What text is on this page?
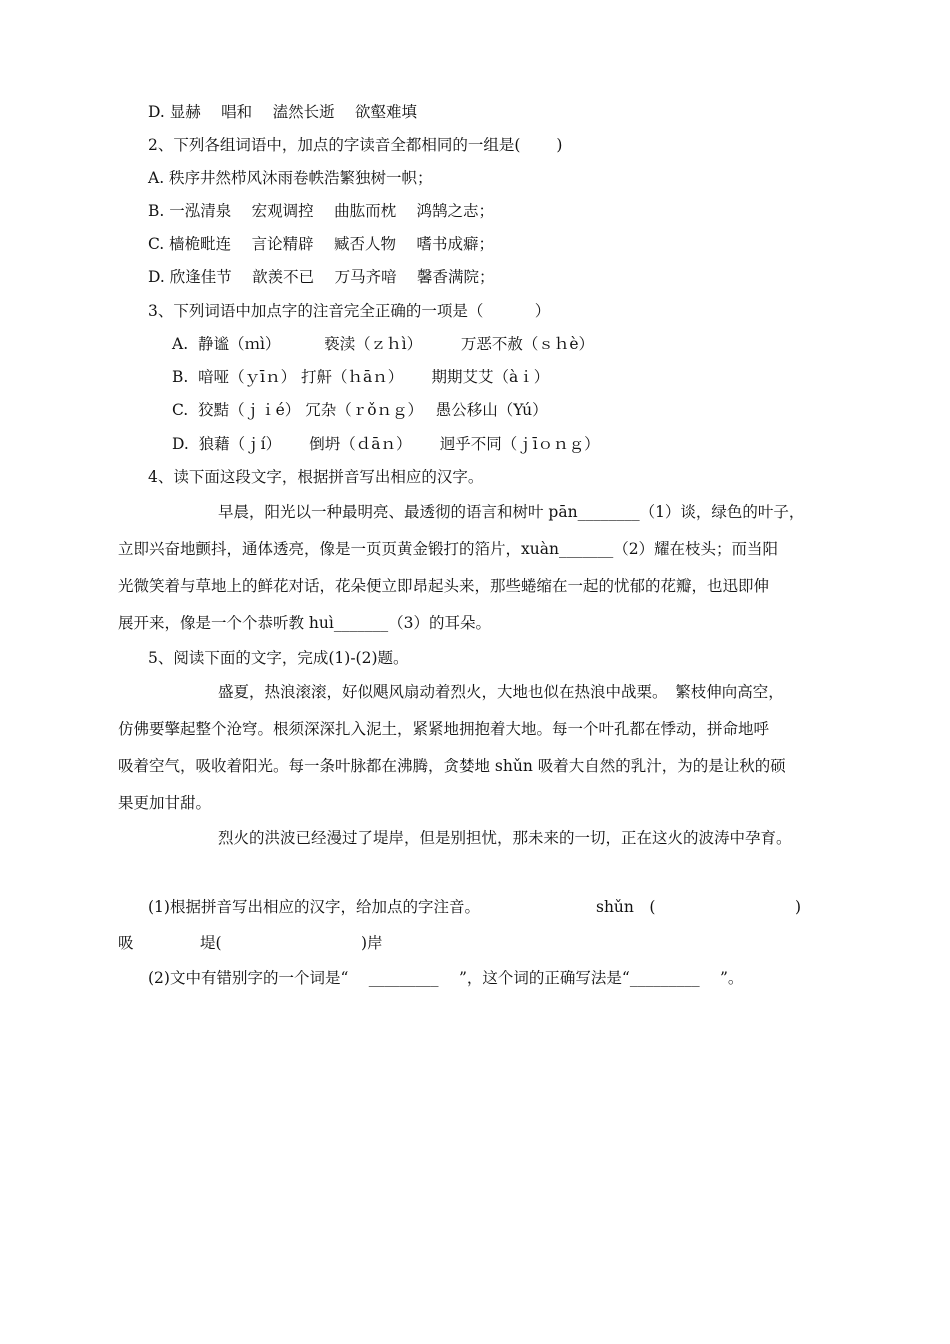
D. 显赫　 唱和　 溘然长逝　 欲壑难填
2、下列各组词语中，加点的字读音全都相同的一组是(　　 )
A. 秩序井然栉风沐雨卷帙浩繁独树一帜；
B. 一泓清泉　 宏观调控　 曲肱而枕　 鸿鹄之志；
C. 樯桅毗连　 言论精辟　 臧否人物　 嗜书成癖；
D. 欣逢佳节　 歆羡不已　 万马齐喑　 馨香满院；
3、下列词语中加点字的注音完全正确的一项是（　　　 ）
A.  静谧（ｍì）　　　 亵渎（ｚｈì）　　　万恶不赦（ｓｈè）
B.  喑哑（ｙīｎ） 打鼾（ｈāｎ）　　 期期艾艾（àｉ）
C.  狡黠（ｊｉé） 冗杂（ｒǒｎｇ）　 愚公移山（Yú）
D.  狼藉（ｊí）　　 倒坍（ｄāｎ）　　 迥乎不同（ｊīｏｎｇ）
4、读下面这段文字，根据拼音写出相应的汉字。
早晨，阳光以一种最明亮、最透彻的语言和树叶 pān________（1）谈，绿色的叶子，
立即兴奋地颤抖，通体透亮，像是一页页黄金锻打的箔片，xuàn_______（2）耀在枝头；而当阳
光微笑着与草地上的鲜花对话，花朵便立即昂起头来，那些蜷缩在一起的忧郁的花瓣，也迅即伸
展开来，像是一个个恭听教 huì_______（3）的耳朵。
5、阅读下面的文字，完成(1)-(2)题。
盛夏，热浪滚滚，好似飓风扇动着烈火，大地也似在热浪中战栗。　繁枝伸向高空，
仿佛要擎起整个沧穹。根须深深扎入泥土，紧紧地拥抱着大地。每一个叶孔都在悸动，拼命地呼
吸着空气，吸收着阳光。每一条叶脉都在沸腾，贪婪地 shǔn 吸着大自然的乳汁，为的是让秋的硕
果更加甘甜。
烈火的洪波已经漫过了堤岸，但是别担忧，那未来的一切，正在这火的波涛中孕育。
(1)根据拼音写出相应的汉字，给加点的字注音。	shǔn　(　　　　　　　　　)
吸	堤(　　　　　　　　　)岸
(2)文中有错别字的一个词是“　 _________　 ”，这个词的正确写法是“_________　 ”。
